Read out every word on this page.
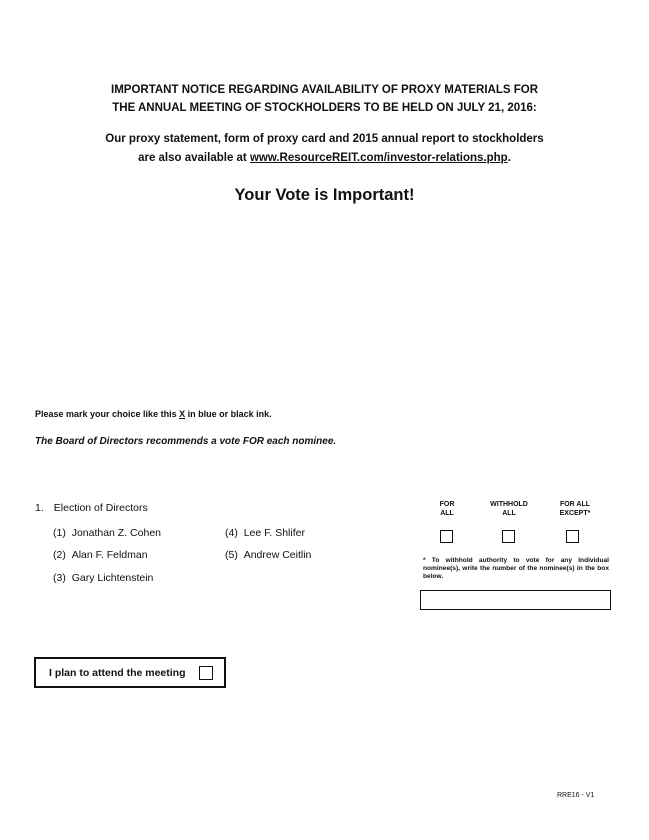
IMPORTANT NOTICE REGARDING AVAILABILITY OF PROXY MATERIALS FOR
THE ANNUAL MEETING OF STOCKHOLDERS TO BE HELD ON JULY 21, 2016:
Our proxy statement, form of proxy card and 2015 annual report to stockholders
are also available at www.ResourceREIT.com/investor-relations.php.
Your Vote is Important!
Please mark your choice like this X in blue or black ink.
The Board of Directors recommends a vote FOR each nominee.
1. Election of Directors
(1) Jonathan Z. Cohen
(2) Alan F. Feldman
(3) Gary Lichtenstein
(4) Lee F. Shlifer
(5) Andrew Ceitlin
FOR
ALL
WITHHOLD
ALL
FOR ALL
EXCEPT*
* To withhold authority to vote for any Individual nominee(s), write the number of the nominee(s) in the box below.
I plan to attend the meeting
RRE16 - V1
